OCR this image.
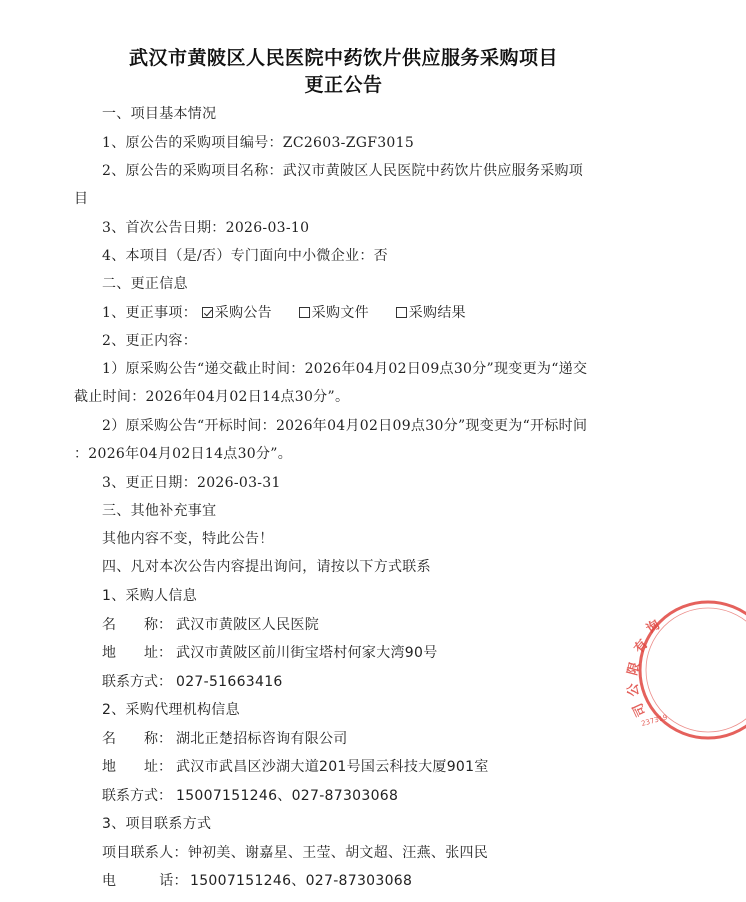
武汉市黄陂区人民医院中药饮片供应服务采购项目
更正公告
一、项目基本情况
1、原公告的采购项目编号：ZC2603-ZGF3015
2、原公告的采购项目名称：武汉市黄陂区人民医院中药饮片供应服务采购项
目
3、首次公告日期：2026-03-10
4、本项目（是/否）专门面向中小微企业：否
二、更正信息
1、更正事项： 采购公告	采购文件	采购结果
2、更正内容：
1）原采购公告“递交截止时间：2026年04月02日09点30分”现变更为“递交
截止时间：2026年04月02日14点30分”。
2）原采购公告“开标时间：2026年04月02日09点30分”现变更为“开标时间
：2026年04月02日14点30分”。
3、更正日期：2026-03-31
三、其他补充事宜
其他内容不变，特此公告！
四、凡对本次公告内容提出询问，请按以下方式联系
1、采购人信息
名　　称： 武汉市黄陂区人民医院
地　　址： 武汉市黄陂区前川街宝塔村何家大湾90号
联系方式： 027-51663416
2、采购代理机构信息
名　　称： 湖北正楚招标咨询有限公司
地　　址： 武汉市武昌区沙湖大道201号国云科技大厦901室
联系方式： 15007151246、027-87303068
3、项目联系方式
项目联系人：钟初美、谢嘉星、王莹、胡文超、汪燕、张四民
电　　　话： 15007151246、027-87303068
询
有
限
公
司
237319
